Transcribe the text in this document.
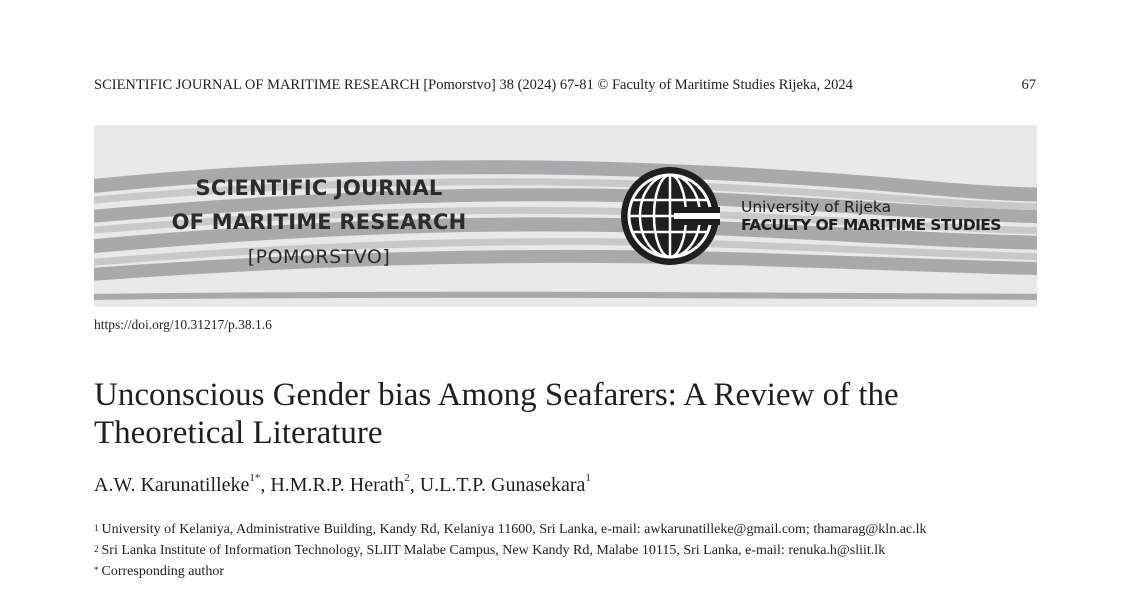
SCIENTIFIC JOURNAL OF MARITIME RESEARCH [Pomorstvo] 38 (2024) 67-81 © Faculty of Maritime Studies Rijeka, 2024	67
SCIENTIFIC JOURNAL
OF MARITIME RESEARCH
[POMORSTVO]
University of Rijeka
FACULTY OF MARITIME STUDIES
https://doi.org/10.31217/p.38.1.6
Unconscious Gender bias Among Seafarers: A Review of the Theoretical Literature
A.W. Karunatilleke$^{1*}$, H.M.R.P. Herath$^2$, U.L.T.P. Gunasekara$^1$
$^1$ University of Kelaniya, Administrative Building, Kandy Rd, Kelaniya 11600, Sri Lanka, e-mail: awkarunatilleke@gmail.com; thamarag@kln.ac.lk
$^2$ Sri Lanka Institute of Information Technology, SLIIT Malabe Campus, New Kandy Rd, Malabe 10115, Sri Lanka, e-mail: renuka.h@sliit.lk
* Corresponding author
